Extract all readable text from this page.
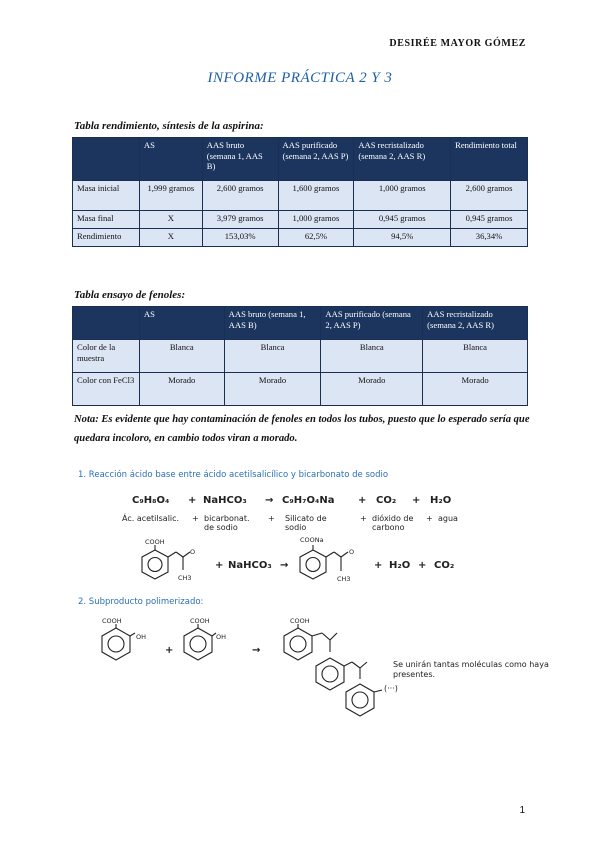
DESIRÉE MAYOR GÓMEZ
INFORME PRÁCTICA 2 Y 3
Tabla rendimiento, síntesis de la aspirina:
	AS	AAS bruto (semana 1, AAS B)	AAS purificado (semana 2, AAS P)	AAS recristalizado (semana 2, AAS R)	Rendimiento total
Masa inicial	1,999 gramos	2,600 gramos	1,600 gramos	1,000 gramos	2,600 gramos
Masa final	X	3,979 gramos	1,000 gramos	0,945 gramos	0,945 gramos
Rendimiento	X	153,03%	62,5%	94,5%	36,34%
Tabla ensayo de fenoles:
	AS	AAS bruto (semana 1, AAS B)	AAS purificado (semana 2, AAS P)	AAS recristalizado (semana 2, AAS R)
Color de la muestra	Blanca	Blanca	Blanca	Blanca
Color con FeCl3	Morado	Morado	Morado	Morado
Nota: Es evidente que hay contaminación de fenoles en todos los tubos, puesto que lo esperado sería que quedara incoloro, en cambio todos viran a morado.
1. Reacción ácido base entre ácido acetilsalicílico y bicarbonato de sodio
C₉H₈O₄ + NaHCO₃ → C₉H₇O₄Na + CO₂ + H₂O
Ác. acetilsalic. + bicarbonat. de sodio
+ Silicato de sodio
+ dióxido de carbono
+ agua
COOH
CH3
O
+ NaHCO₃ →
COONa
CH3
O
+ H₂O + CO₂
2. Subproducto polimerizado:
COOH
OH
+
COOH
OH
→
COOH
(···)
Se unirán tantas moléculas como haya presentes.
1
